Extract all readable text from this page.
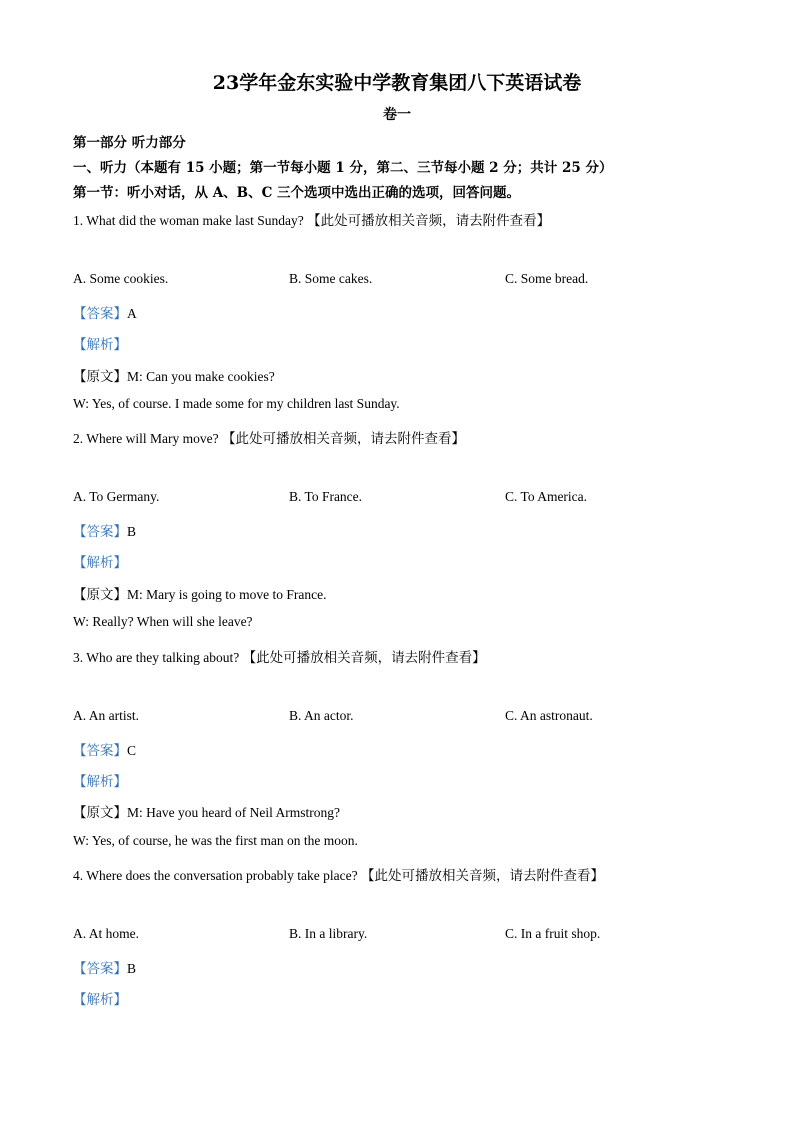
23学年金东实验中学教育集团八下英语试卷
卷一
第一部分 听力部分
一、听力（本题有 15 小题；第一节每小题 1 分，第二、三节每小题 2 分；共计 25 分）
第一节：听小对话，从 A、B、C 三个选项中选出正确的选项，回答问题。
1. What did the woman make last Sunday? 【此处可播放相关音频，请去附件查看】
A. Some cookies.	B. Some cakes.	C. Some bread.
【答案】A
【解析】
【原文】M: Can you make cookies?
W: Yes, of course. I made some for my children last Sunday.
2. Where will Mary move? 【此处可播放相关音频，请去附件查看】
A. To Germany.	B. To France.	C. To America.
【答案】B
【解析】
【原文】M: Mary is going to move to France.
W: Really? When will she leave?
3. Who are they talking about? 【此处可播放相关音频，请去附件查看】
A. An artist.	B. An actor.	C. An astronaut.
【答案】C
【解析】
【原文】M: Have you heard of Neil Armstrong?
W: Yes, of course, he was the first man on the moon.
4. Where does the conversation probably take place? 【此处可播放相关音频，请去附件查看】
A. At home.	B. In a library.	C. In a fruit shop.
【答案】B
【解析】
